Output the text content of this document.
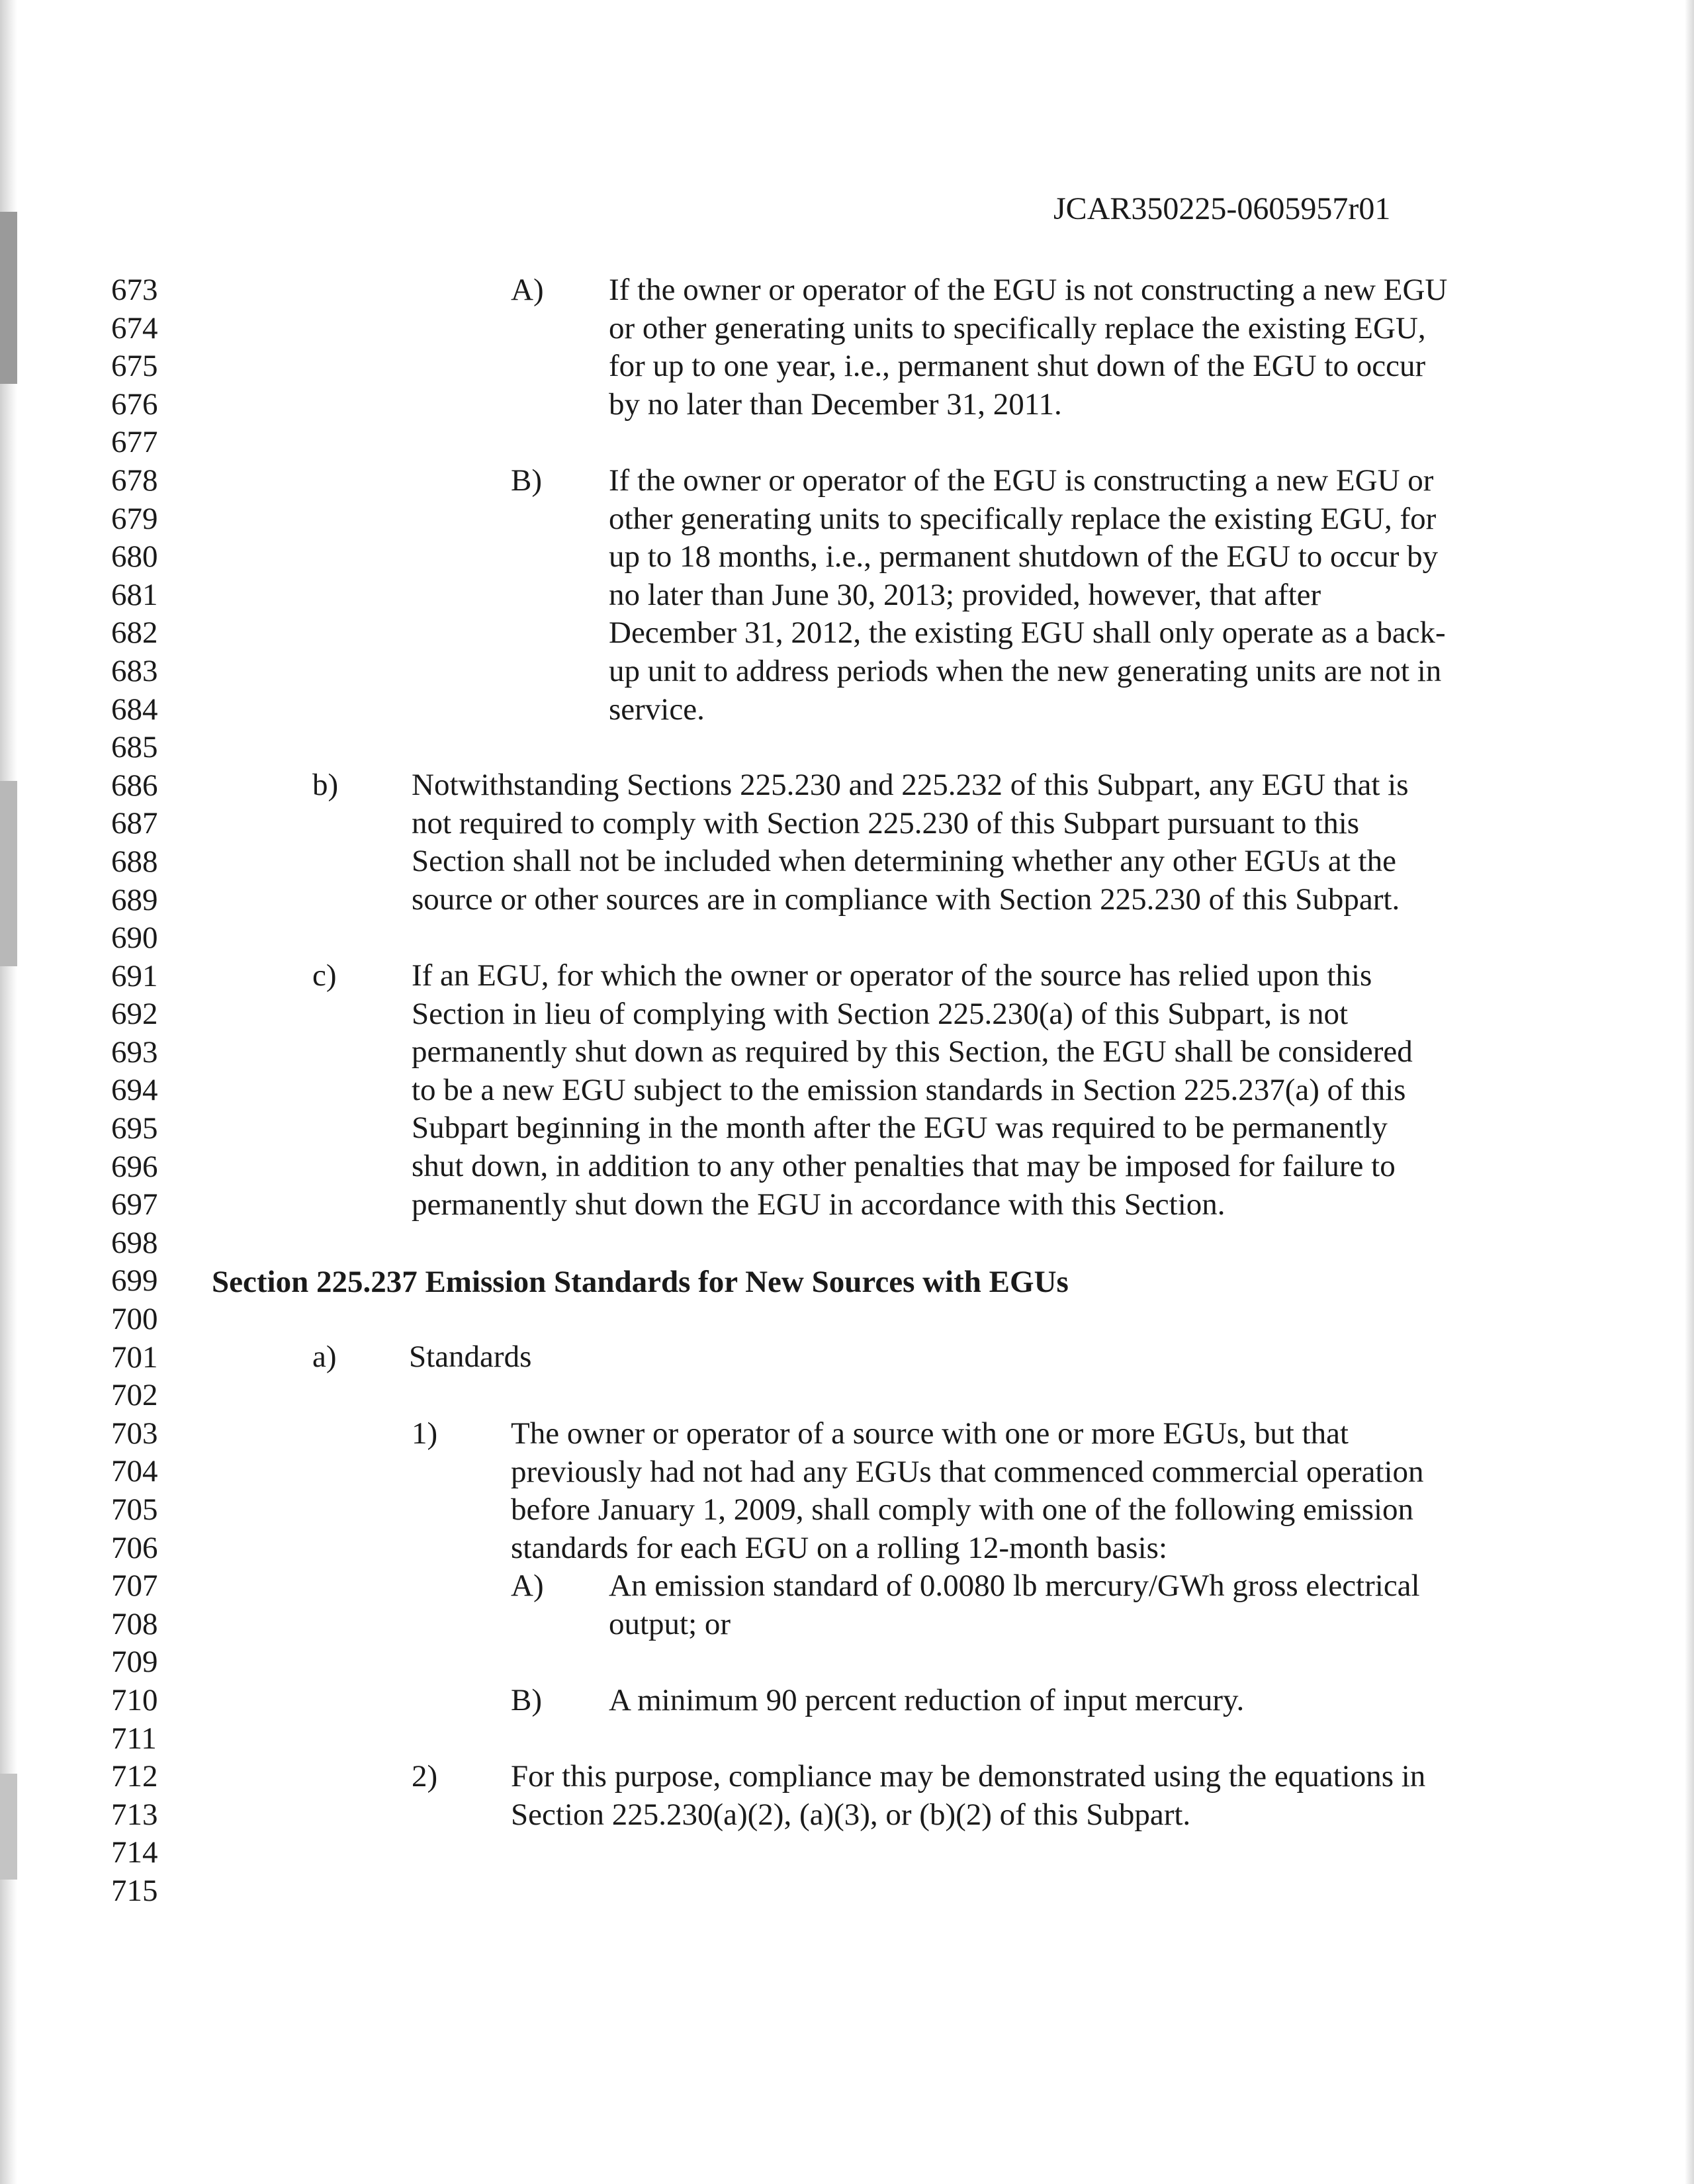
JCAR350225-0605957r01
673
674
675
676
677
678
679
680
681
682
683
684
685
686
687
688
689
690
691
692
693
694
695
696
697
698
699
700
701
702
703
704
705
706
707
708
709
710
711
712
713
714
715
A) If the owner or operator of the EGU is not constructing a new EGU
or other generating units to specifically replace the existing EGU,
for up to one year, i.e., permanent shut down of the EGU to occur
by no later than December 31, 2011.
B) If the owner or operator of the EGU is constructing a new EGU or
other generating units to specifically replace the existing EGU, for
up to 18 months, i.e., permanent shutdown of the EGU to occur by
no later than June 30, 2013; provided, however, that after
December 31, 2012, the existing EGU shall only operate as a back-
up unit to address periods when the new generating units are not in
service.
b) Notwithstanding Sections 225.230 and 225.232 of this Subpart, any EGU that is
not required to comply with Section 225.230 of this Subpart pursuant to this
Section shall not be included when determining whether any other EGUs at the
source or other sources are in compliance with Section 225.230 of this Subpart.
c) If an EGU, for which the owner or operator of the source has relied upon this
Section in lieu of complying with Section 225.230(a) of this Subpart, is not
permanently shut down as required by this Section, the EGU shall be considered
to be a new EGU subject to the emission standards in Section 225.237(a) of this
Subpart beginning in the month after the EGU was required to be permanently
shut down, in addition to any other penalties that may be imposed for failure to
permanently shut down the EGU in accordance with this Section.
Section 225.237 Emission Standards for New Sources with EGUs
a) Standards
1) The owner or operator of a source with one or more EGUs, but that
previously had not had any EGUs that commenced commercial operation
before January 1, 2009, shall comply with one of the following emission
standards for each EGU on a rolling 12-month basis:
A) An emission standard of 0.0080 lb mercury/GWh gross electrical
output; or
B) A minimum 90 percent reduction of input mercury.
2) For this purpose, compliance may be demonstrated using the equations in
Section 225.230(a)(2), (a)(3), or (b)(2) of this Subpart.
